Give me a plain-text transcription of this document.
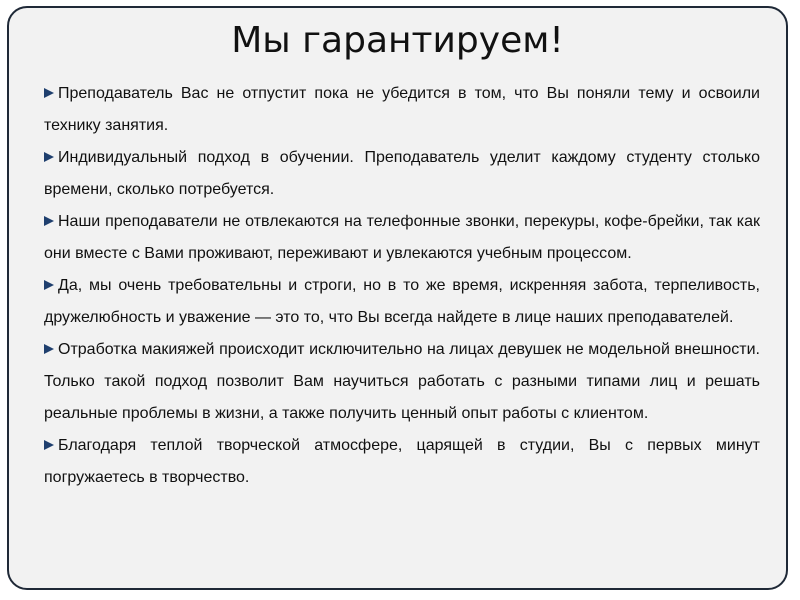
Мы гарантируем!
Преподаватель Вас не отпустит пока не убедится в том, что Вы поняли тему и освоили технику занятия.
Индивидуальный подход в обучении. Преподаватель уделит каждому студенту столько времени, сколько потребуется.
Наши преподаватели не отвлекаются на телефонные звонки, перекуры, кофе-брейки, так как они вместе с Вами проживают, переживают и увлекаются учебным процессом.
Да, мы очень требовательны и строги, но в то же время, искренняя забота, терпеливость, дружелюбность и уважение — это то, что Вы всегда найдете в лице наших преподавателей.
Отработка макияжей происходит исключительно на лицах девушек не модельной внешности. Только такой подход позволит Вам научиться работать с разными типами лиц и решать реальные проблемы в жизни, а также получить ценный опыт работы с клиентом.
Благодаря теплой творческой атмосфере, царящей в студии, Вы с первых минут погружаетесь в творчество.
